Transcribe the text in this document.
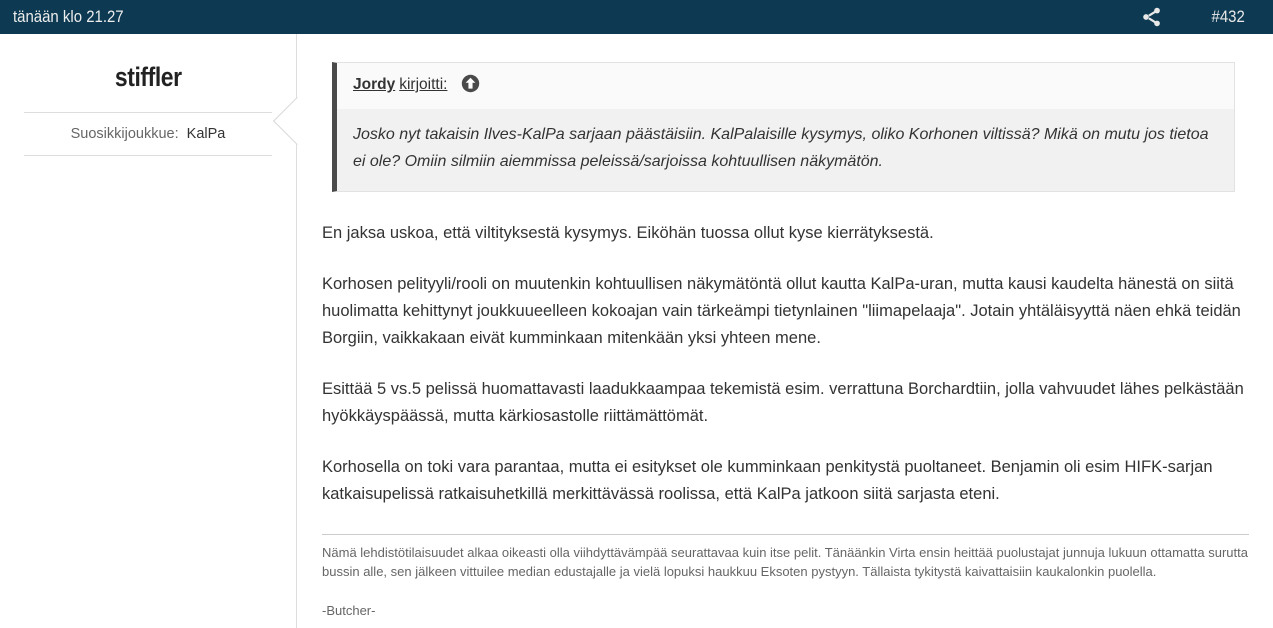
tänään klo 21.27	#432
stiffler
Suosikkijoukkue: KalPa
Jordy kirjoitti:
Josko nyt takaisin Ilves-KalPa sarjaan päästäisiin. KalPalaisille kysymys, oliko Korhonen viltissä? Mikä on mutu jos tietoa ei ole? Omiin silmiin aiemmissa peleissä/sarjoissa kohtuullisen näkymätön.

En jaksa uskoa, että viltityksestä kysymys. Eiköhän tuossa ollut kyse kierrätyksestä.

Korhosen pelityyli/rooli on muutenkin kohtuullisen näkymätöntä ollut kautta KalPa-uran, mutta kausi kaudelta hänestä on siitä huolimatta kehittynyt joukkuueelleen kokoajan vain tärkeämpi tietynlainen "liimapelaaja". Jotain yhtäläisyyttä näen ehkä teidän Borgiin, vaikkakaan eivät kumminkaan mitenkään yksi yhteen mene.

Esittää 5 vs.5 pelissä huomattavasti laadukkaampaa tekemistä esim. verrattuna Borchardtiin, jolla vahvuudet lähes pelkästään hyökkäyspäässä, mutta kärkiosastolle riittämättömät.

Korhosella on toki vara parantaa, mutta ei esitykset ole kumminkaan penkitystä puoltaneet. Benjamin oli esim HIFK-sarjan katkaisupelissä ratkaisuhetkillä merkittävässä roolissa, että KalPa jatkoon siitä sarjasta eteni.

Nämä lehdistötilaisuudet alkaa oikeasti olla viihdyttävämpää seurattavaa kuin itse pelit. Tänäänkin Virta ensin heittää puolustajat junnuja lukuun ottamatta surutta bussin alle, sen jälkeen vittuilee median edustajalle ja vielä lopuksi haukkuu Eksoten pystyyn. Tällaista tykitystä kaivattaisiin kaukalonkin puolella.

-Butcher-
